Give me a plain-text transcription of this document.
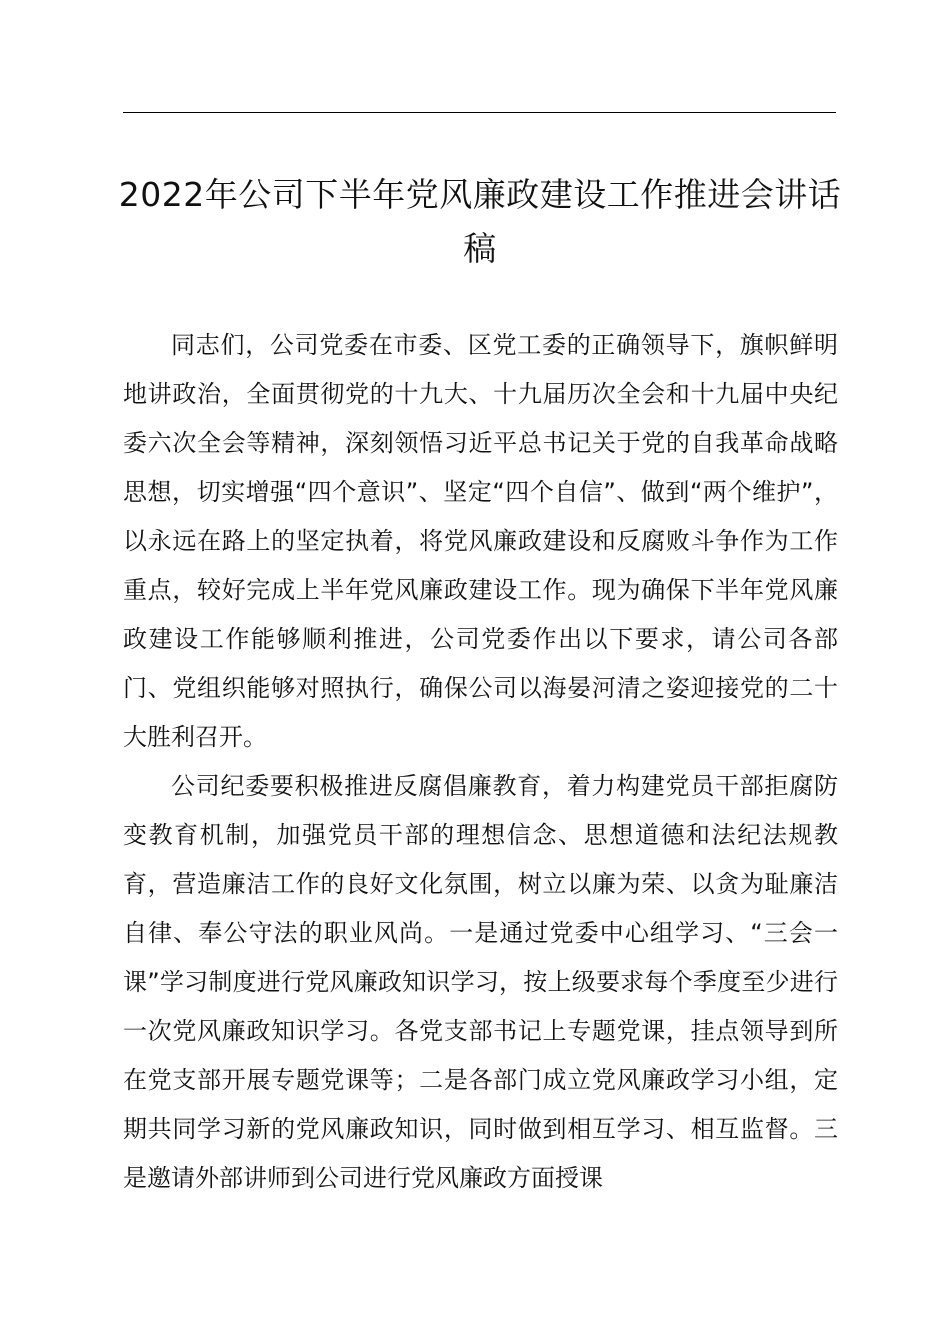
2022年公司下半年党风廉政建设工作推进会讲话稿

同志们，公司党委在市委、区党工委的正确领导下，旗帜鲜明地讲政治，全面贯彻党的十九大、十九届历次全会和十九届中央纪委六次全会等精神，深刻领悟习近平总书记关于党的自我革命战略思想，切实增强“四个意识”、坚定“四个自信”、做到“两个维护”，以永远在路上的坚定执着，将党风廉政建设和反腐败斗争作为工作重点，较好完成上半年党风廉政建设工作。现为确保下半年党风廉政建设工作能够顺利推进，公司党委作出以下要求，请公司各部门、党组织能够对照执行，确保公司以海晏河清之姿迎接党的二十大胜利召开。

公司纪委要积极推进反腐倡廉教育，着力构建党员干部拒腐防变教育机制，加强党员干部的理想信念、思想道德和法纪法规教育，营造廉洁工作的良好文化氛围，树立以廉为荣、以贪为耻廉洁自律、奉公守法的职业风尚。一是通过党委中心组学习、“三会一课”学习制度进行党风廉政知识学习，按上级要求每个季度至少进行一次党风廉政知识学习。各党支部书记上专题党课，挂点领导到所在党支部开展专题党课等；二是各部门成立党风廉政学习小组，定期共同学习新的党风廉政知识，同时做到相互学习、相互监督。三是邀请外部讲师到公司进行党风廉政方面授课
